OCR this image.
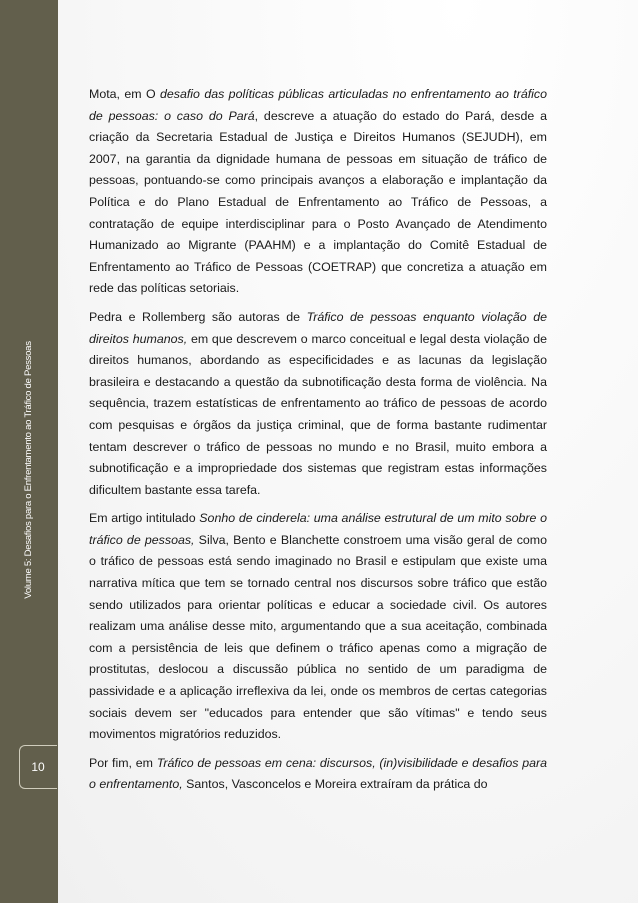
Volume 5: Desafios para o Enfrentamento ao Tráfico de Pessoas
10

Mota, em O desafio das políticas públicas articuladas no enfrentamento ao tráfico de pessoas: o caso do Pará, descreve a atuação do estado do Pará, desde a criação da Secretaria Estadual de Justiça e Direitos Humanos (SEJUDH), em 2007, na garantia da dignidade humana de pessoas em situação de tráfico de pessoas, pontuando-se como principais avanços a elaboração e implantação da Política e do Plano Estadual de Enfrentamento ao Tráfico de Pessoas, a contratação de equipe interdisciplinar para o Posto Avançado de Atendimento Humanizado ao Migrante (PAAHM) e a implantação do Comitê Estadual de Enfrentamento ao Tráfico de Pessoas (COETRAP) que concretiza a atuação em rede das políticas setoriais.

Pedra e Rollemberg são autoras de Tráfico de pessoas enquanto violação de direitos humanos, em que descrevem o marco conceitual e legal desta violação de direitos humanos, abordando as especificidades e as lacunas da legislação brasileira e destacando a questão da subnotificação desta forma de violência. Na sequência, trazem estatísticas de enfrentamento ao tráfico de pessoas de acordo com pesquisas e órgãos da justiça criminal, que de forma bastante rudimentar tentam descrever o tráfico de pessoas no mundo e no Brasil, muito embora a subnotificação e a impropriedade dos sistemas que registram estas informações dificultem bastante essa tarefa.

Em artigo intitulado Sonho de cinderela: uma análise estrutural de um mito sobre o tráfico de pessoas, Silva, Bento e Blanchette constroem uma visão geral de como o tráfico de pessoas está sendo imaginado no Brasil e estipulam que existe uma narrativa mítica que tem se tornado central nos discursos sobre tráfico que estão sendo utilizados para orientar políticas e educar a sociedade civil. Os autores realizam uma análise desse mito, argumentando que a sua aceitação, combinada com a persistência de leis que definem o tráfico apenas como a migração de prostitutas, deslocou a discussão pública no sentido de um paradigma de passividade e a aplicação irreflexiva da lei, onde os membros de certas categorias sociais devem ser "educados para entender que são vítimas" e tendo seus movimentos migratórios reduzidos.

Por fim, em Tráfico de pessoas em cena: discursos, (in)visibilidade e desafios para o enfrentamento, Santos, Vasconcelos e Moreira extraíram da prática do
